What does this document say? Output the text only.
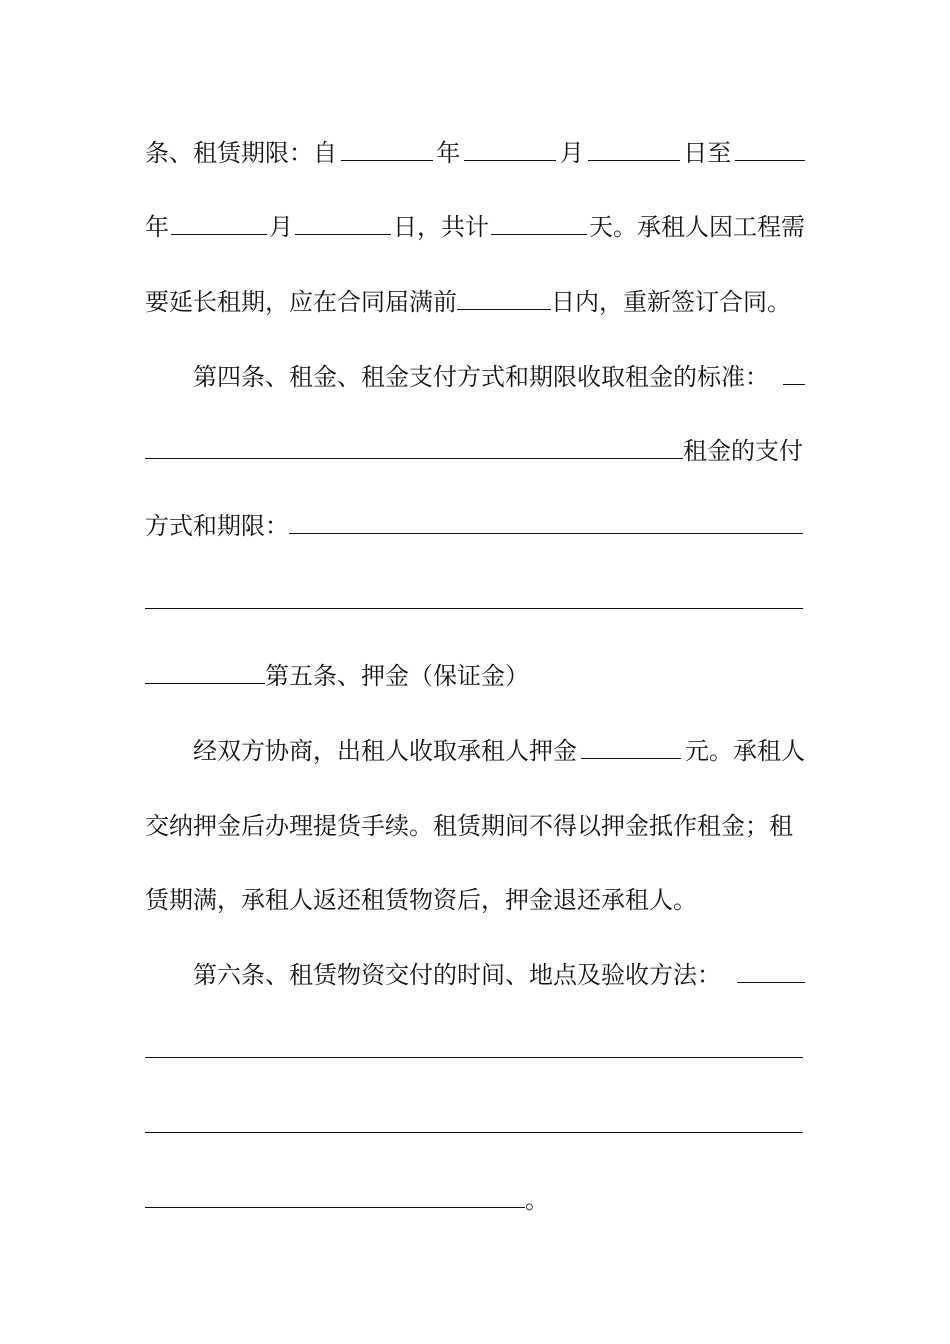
条、租赁期限：自	年	月	日至
年	月	日，共计	天。承租人因工程需
要延长租期，应在合同届满前	日内，重新签订合同。
第四条、租金、租金支付方式和期限收取租金的标准：
租金的支付
方式和期限：
第五条、押金（保证金）
经双方协商，出租人收取承租人押金	元。承租人
交纳押金后办理提货手续。租赁期间不得以押金抵作租金；租
赁期满，承租人返还租赁物资后，押金退还承租人。
第六条、租赁物资交付的时间、地点及验收方法：
。
